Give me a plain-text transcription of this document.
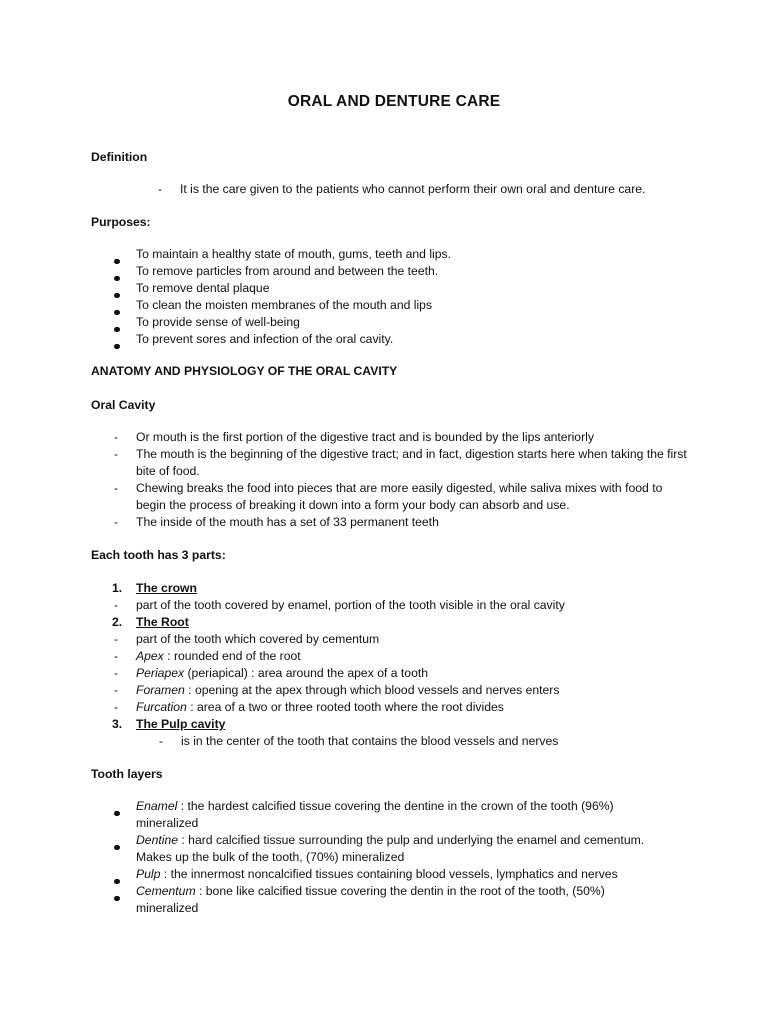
ORAL AND DENTURE CARE
Definition
- It is the care given to the patients who cannot perform their own oral and denture care.
Purposes:
To maintain a healthy state of mouth, gums, teeth and lips.
To remove particles from around and between the teeth.
To remove dental plaque
To clean the moisten membranes of the mouth and lips
To provide sense of well-being
To prevent sores and infection of the oral cavity.
ANATOMY AND PHYSIOLOGY OF THE ORAL CAVITY
Oral Cavity
- Or mouth is the first portion of the digestive tract and is bounded by the lips anteriorly
- The mouth is the beginning of the digestive tract; and in fact, digestion starts here when taking the first bite of food.
- Chewing breaks the food into pieces that are more easily digested, while saliva mixes with food to begin the process of breaking it down into a form your body can absorb and use.
- The inside of the mouth has a set of 33 permanent teeth
Each tooth has 3 parts:
1. The crown
- part of the tooth covered by enamel, portion of the tooth visible in the oral cavity
2. The Root
- part of the tooth which covered by cementum
- Apex : rounded end of the root
- Periapex (periapical) : area around the apex of a tooth
- Foramen : opening at the apex through which blood vessels and nerves enters
- Furcation : area of a two or three rooted tooth where the root divides
3. The Pulp cavity
- is in the center of the tooth that contains the blood vessels and nerves
Tooth layers
Enamel : the hardest calcified tissue covering the dentine in the crown of the tooth (96%) mineralized
Dentine : hard calcified tissue surrounding the pulp and underlying the enamel and cementum. Makes up the bulk of the tooth, (70%) mineralized
Pulp : the innermost noncalcified tissues containing blood vessels, lymphatics and nerves
Cementum : bone like calcified tissue covering the dentin in the root of the tooth, (50%) mineralized
